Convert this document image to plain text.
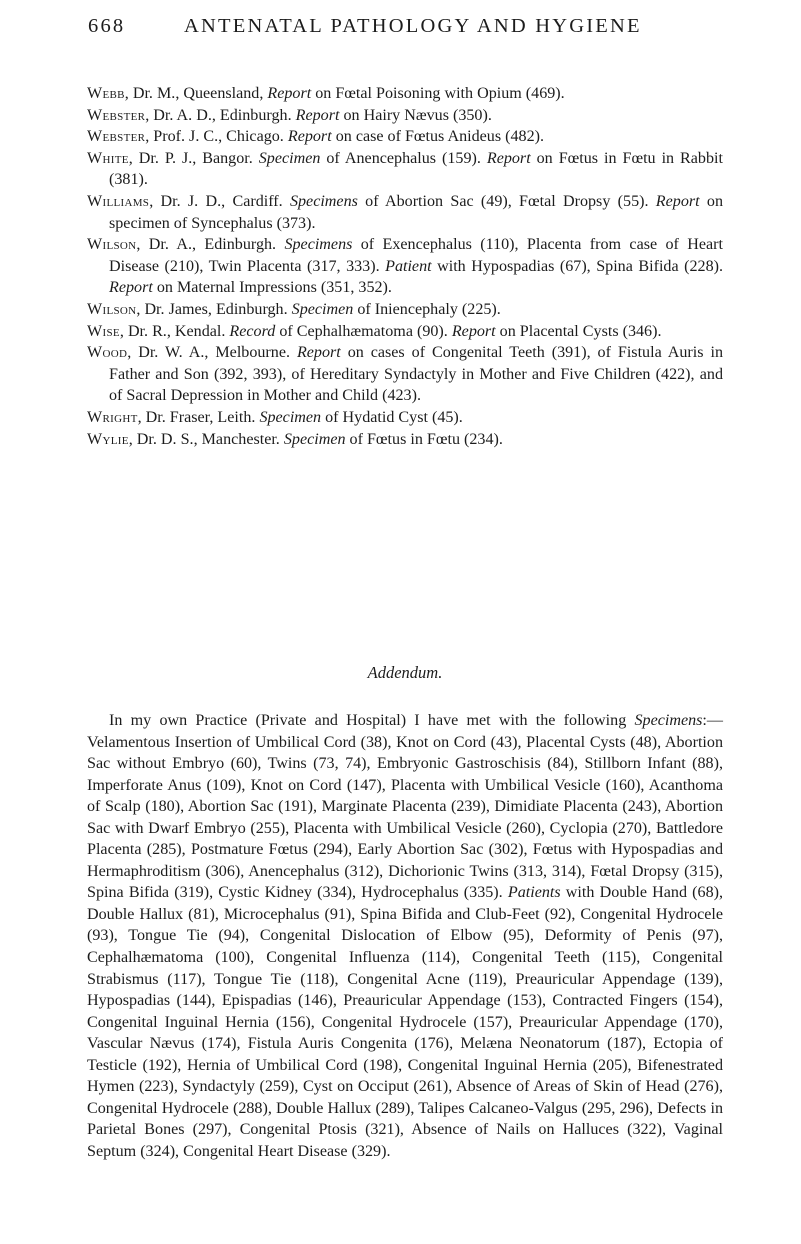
668	ANTENATAL PATHOLOGY AND HYGIENE
Webb, Dr. M., Queensland, Report on Fœtal Poisoning with Opium (469).
Webster, Dr. A. D., Edinburgh. Report on Hairy Nævus (350).
Webster, Prof. J. C., Chicago. Report on case of Fœtus Anideus (482).
White, Dr. P. J., Bangor. Specimen of Anencephalus (159). Report on Fœtus in Fœtu in Rabbit (381).
Williams, Dr. J. D., Cardiff. Specimens of Abortion Sac (49), Fœtal Dropsy (55). Report on specimen of Syncephalus (373).
Wilson, Dr. A., Edinburgh. Specimens of Exencephalus (110), Placenta from case of Heart Disease (210), Twin Placenta (317, 333). Patient with Hypospadias (67), Spina Bifida (228). Report on Maternal Impressions (351, 352).
Wilson, Dr. James, Edinburgh. Specimen of Iniencephaly (225).
Wise, Dr. R., Kendal. Record of Cephalhæmatoma (90). Report on Placental Cysts (346).
Wood, Dr. W. A., Melbourne. Report on cases of Congenital Teeth (391), of Fistula Auris in Father and Son (392, 393), of Hereditary Syndactyly in Mother and Five Children (422), and of Sacral Depression in Mother and Child (423).
Wright, Dr. Fraser, Leith. Specimen of Hydatid Cyst (45).
Wylie, Dr. D. S., Manchester. Specimen of Fœtus in Fœtu (234).
Addendum.
In my own Practice (Private and Hospital) I have met with the following Specimens:—Velamentous Insertion of Umbilical Cord (38), Knot on Cord (43), Placental Cysts (48), Abortion Sac without Embryo (60), Twins (73, 74), Embryonic Gastroschisis (84), Stillborn Infant (88), Imperforate Anus (109), Knot on Cord (147), Placenta with Umbilical Vesicle (160), Acanthoma of Scalp (180), Abortion Sac (191), Marginate Placenta (239), Dimidiate Placenta (243), Abortion Sac with Dwarf Embryo (255), Placenta with Umbilical Vesicle (260), Cyclopia (270), Battledore Placenta (285), Postmature Fœtus (294), Early Abortion Sac (302), Fœtus with Hypospadias and Hermaphroditism (306), Anencephalus (312), Dichorionic Twins (313, 314), Fœtal Dropsy (315), Spina Bifida (319), Cystic Kidney (334), Hydrocephalus (335). Patients with Double Hand (68), Double Hallux (81), Microcephalus (91), Spina Bifida and Club-Feet (92), Congenital Hydrocele (93), Tongue Tie (94), Congenital Dislocation of Elbow (95), Deformity of Penis (97), Cephalhæmatoma (100), Congenital Influenza (114), Congenital Teeth (115), Congenital Strabismus (117), Tongue Tie (118), Congenital Acne (119), Preauricular Appendage (139), Hypospadias (144), Epispadias (146), Preauricular Appendage (153), Contracted Fingers (154), Congenital Inguinal Hernia (156), Congenital Hydrocele (157), Preauricular Appendage (170), Vascular Nævus (174), Fistula Auris Congenita (176), Melæna Neonatorum (187), Ectopia of Testicle (192), Hernia of Umbilical Cord (198), Congenital Inguinal Hernia (205), Bifenestrated Hymen (223), Syndactyly (259), Cyst on Occiput (261), Absence of Areas of Skin of Head (276), Congenital Hydrocele (288), Double Hallux (289), Talipes Calcaneo-Valgus (295, 296), Defects in Parietal Bones (297), Congenital Ptosis (321), Absence of Nails on Halluces (322), Vaginal Septum (324), Congenital Heart Disease (329).
